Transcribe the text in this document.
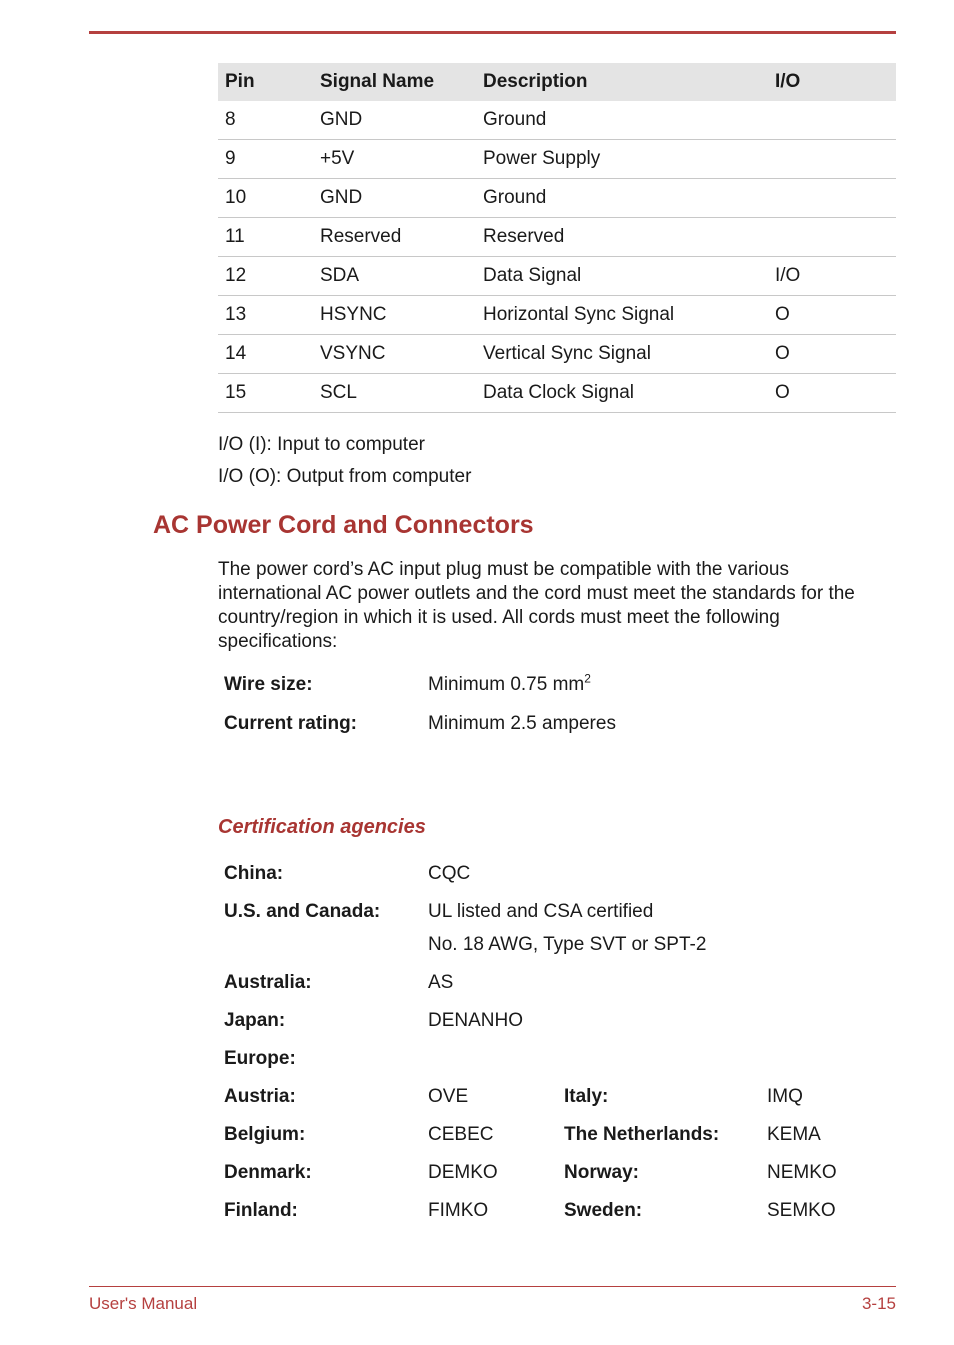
Pin	Signal Name	Description	I/O
8	GND	Ground	
9	+5V	Power Supply	
10	GND	Ground	
11	Reserved	Reserved	
12	SDA	Data Signal	I/O
13	HSYNC	Horizontal Sync Signal	O
14	VSYNC	Vertical Sync Signal	O
15	SCL	Data Clock Signal	O
I/O (I): Input to computer
I/O (O): Output from computer
AC Power Cord and Connectors

The power cord’s AC input plug must be compatible with the various international AC power outlets and the cord must meet the standards for the country/region in which it is used. All cords must meet the following specifications:

Wire size:	Minimum 0.75 $mm^2$
Current rating:	Minimum 2.5 amperes
Certification agencies
China:	CQC
U.S. and Canada:	UL listed and CSA certified
No. 18 AWG, Type SVT or SPT-2
Australia:	AS
Japan:	DENANHO
Europe:
Austria:	OVE	Italy:	IMQ
Belgium:	CEBEC	The Netherlands:	KEMA
Denmark:	DEMKO	Norway:	NEMKO
Finland:	FIMKO	Sweden:	SEMKO
User's Manual	3-15
